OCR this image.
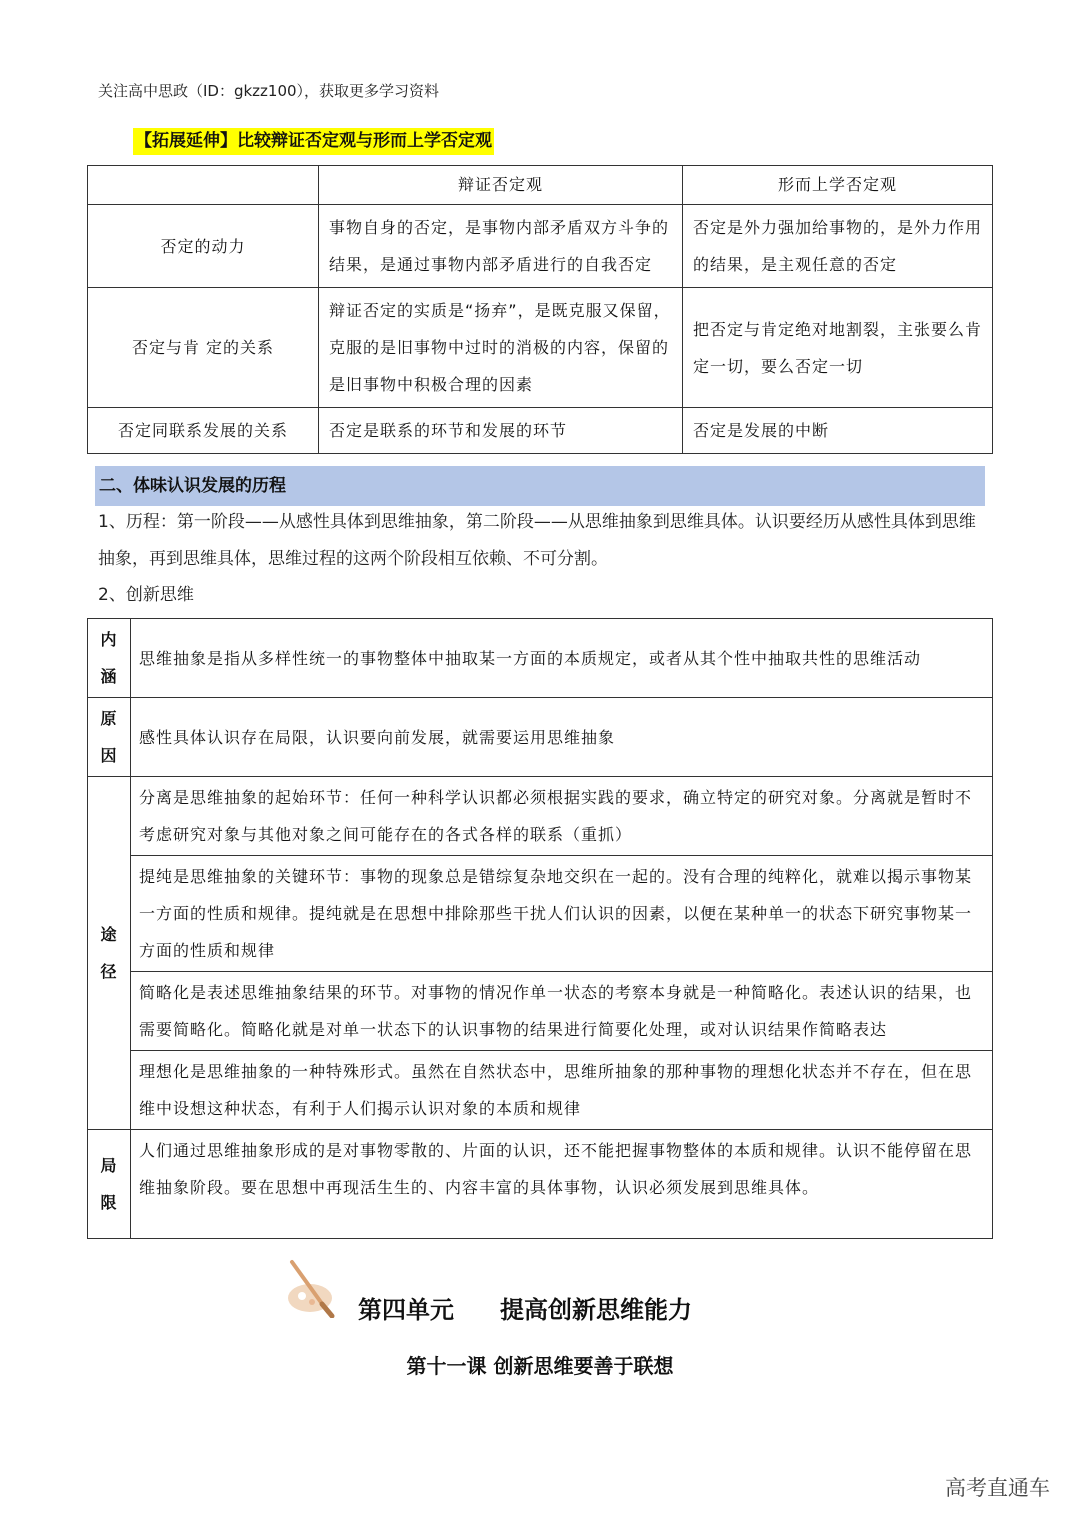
关注高中思政（ID：gkzz100），获取更多学习资料
【拓展延伸】比较辩证否定观与形而上学否定观
	辩证否定观	形而上学否定观
否定的动力	事物自身的否定，是事物内部矛盾双方斗争的结果，是通过事物内部矛盾进行的自我否定	否定是外力强加给事物的，是外力作用的结果，是主观任意的否定
否定与肯 定的关系	辩证否定的实质是“扬弃”，是既克服又保留，克服的是旧事物中过时的消极的内容，保留的是旧事物中积极合理的因素	把否定与肯定绝对地割裂，主张要么肯定一切，要么否定一切
否定同联系发展的关系	否定是联系的环节和发展的环节	否定是发展的中断
二、体味认识发展的历程
1、历程：第一阶段——从感性具体到思维抽象，第二阶段——从思维抽象到思维具体。认识要经历从感性具体到思维抽象，再到思维具体，思维过程的这两个阶段相互依赖、不可分割。
2、创新思维
内涵	思维抽象是指从多样性统一的事物整体中抽取某一方面的本质规定，或者从其个性中抽取共性的思维活动
原因	感性具体认识存在局限，认识要向前发展，就需要运用思维抽象
途径	分离是思维抽象的起始环节：任何一种科学认识都必须根据实践的要求，确立特定的研究对象。分离就是暂时不考虑研究对象与其他对象之间可能存在的各式各样的联系（重抓）
	提纯是思维抽象的关键环节：事物的现象总是错综复杂地交织在一起的。没有合理的纯粹化，就难以揭示事物某一方面的性质和规律。提纯就是在思想中排除那些干扰人们认识的因素，以便在某种单一的状态下研究事物某一方面的性质和规律
	简略化是表述思维抽象结果的环节。对事物的情况作单一状态的考察本身就是一种简略化。表述认识的结果，也需要简略化。简略化就是对单一状态下的认识事物的结果进行简要化处理，或对认识结果作简略表达
	理想化是思维抽象的一种特殊形式。虽然在自然状态中，思维所抽象的那种事物的理想化状态并不存在，但在思维中设想这种状态，有利于人们揭示认识对象的本质和规律
局限	人们通过思维抽象形成的是对事物零散的、片面的认识，还不能把握事物整体的本质和规律。认识不能停留在思维抽象阶段。要在思想中再现活生生的、内容丰富的具体事物，认识必须发展到思维具体。
第四单元 提高创新思维能力
第十一课 创新思维要善于联想
高考直通车
